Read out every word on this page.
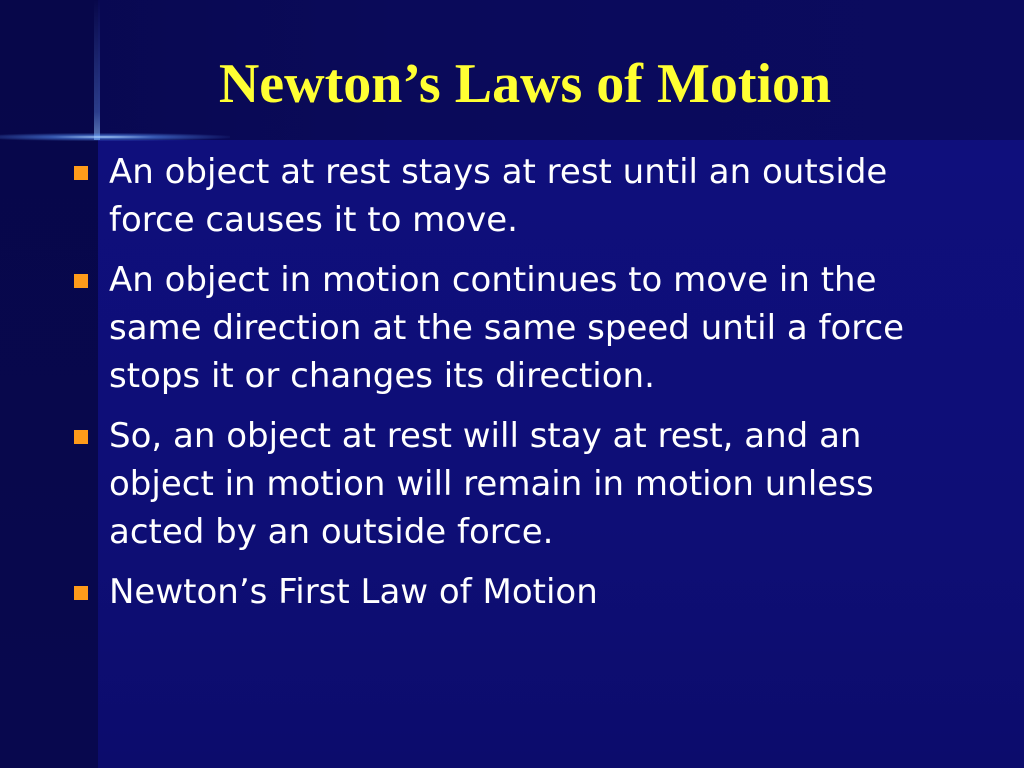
Newton’s Laws of Motion
An object at rest stays at rest until an outside force causes it to move.
An object in motion continues to move in the same direction at the same speed until a force stops it or changes its direction.
So, an object at rest will stay at rest, and an object in motion will remain in motion unless acted by an outside force.
Newton’s First Law of Motion
